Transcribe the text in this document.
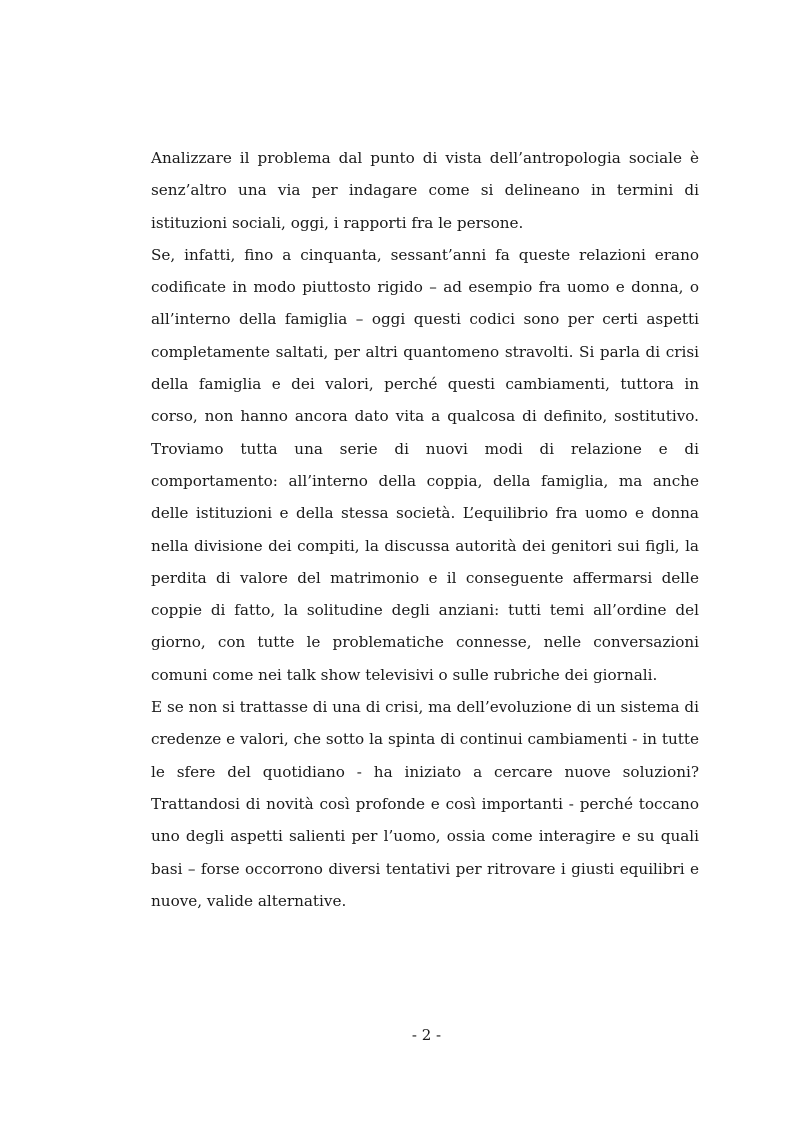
Analizzare il problema dal punto di vista dell’antropologia sociale è senz’altro una via per indagare come si delineano in termini di istituzioni sociali, oggi, i rapporti fra le persone.

Se, infatti, fino a cinquanta, sessant’anni fa queste relazioni erano codificate in modo piuttosto rigido – ad esempio fra uomo e donna, o all’interno della famiglia – oggi questi codici sono per certi aspetti completamente saltati, per altri quantomeno stravolti. Si parla di crisi della famiglia e dei valori, perché questi cambiamenti, tuttora in corso, non hanno ancora dato vita a qualcosa di definito, sostitutivo. Troviamo tutta una serie di nuovi modi di relazione e di comportamento: all’interno della coppia, della famiglia, ma anche delle istituzioni e della stessa società. L’equilibrio fra uomo e donna nella divisione dei compiti, la discussa autorità dei genitori sui figli, la perdita di valore del matrimonio e il conseguente affermarsi delle coppie di fatto, la solitudine degli anziani: tutti temi all’ordine del giorno, con tutte le problematiche connesse, nelle conversazioni comuni come nei talk show televisivi o sulle rubriche dei giornali.

E se non si trattasse di una di crisi, ma dell’evoluzione di un sistema di credenze e valori, che sotto la spinta di continui cambiamenti - in tutte le sfere del quotidiano - ha iniziato a cercare nuove soluzioni? Trattandosi di novità così profonde e così importanti - perché toccano uno degli aspetti salienti per l’uomo, ossia come interagire e su quali basi – forse occorrono diversi tentativi per ritrovare i giusti equilibri e nuove, valide alternative.

- 2 -
